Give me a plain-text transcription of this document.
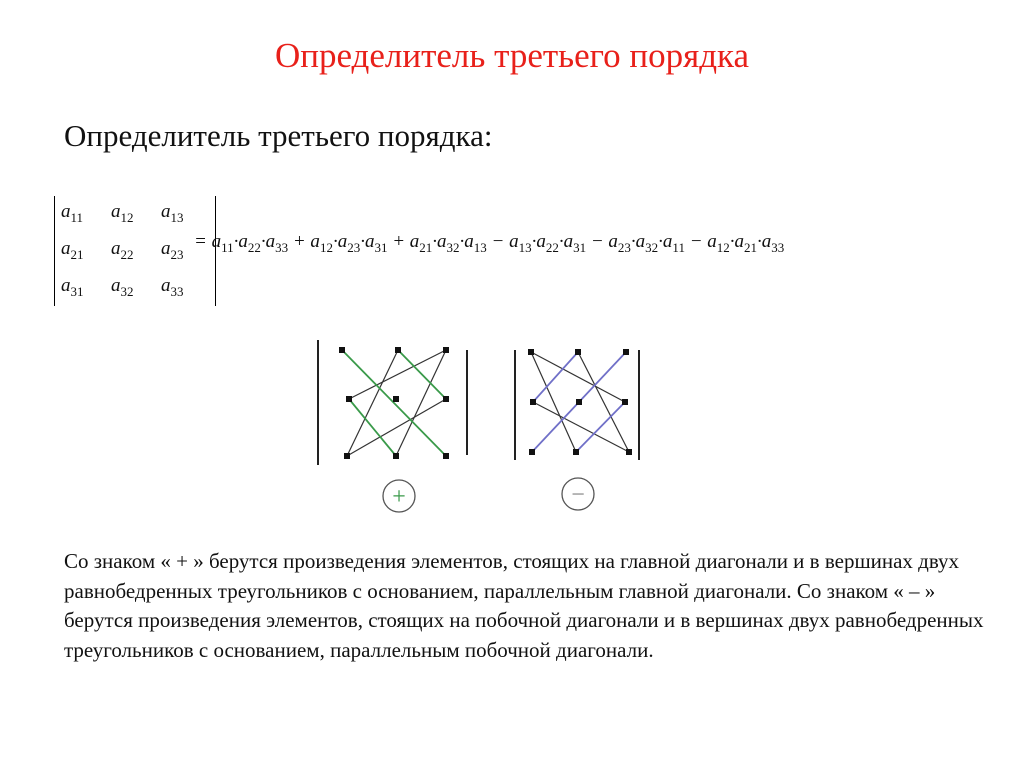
Определитель третьего порядка
Определитель третьего порядка:
$a_{11}$	$a_{12}$	$a_{13}$
$a_{21}$	$a_{22}$	$a_{23}$
$a_{31}$	$a_{32}$	$a_{33}$
= $a_{11}\cdot a_{22}\cdot a_{33} + a_{12}\cdot a_{23}\cdot a_{31} + a_{21}\cdot a_{32}\cdot a_{13} - a_{13}\cdot a_{22}\cdot a_{31} - a_{23}\cdot a_{32}\cdot a_{11} - a_{12}\cdot a_{21}\cdot a_{33}$
+	−
Со знаком « + » берутся произведения элементов, стоящих на главной диагонали и в вершинах двух равнобедренных треугольников с основанием, параллельным главной диагонали. Со знаком « – » берутся произведения элементов, стоящих на побочной диагонали и в вершинах двух равнобедренных треугольников с основанием, параллельным побочной диагонали.
